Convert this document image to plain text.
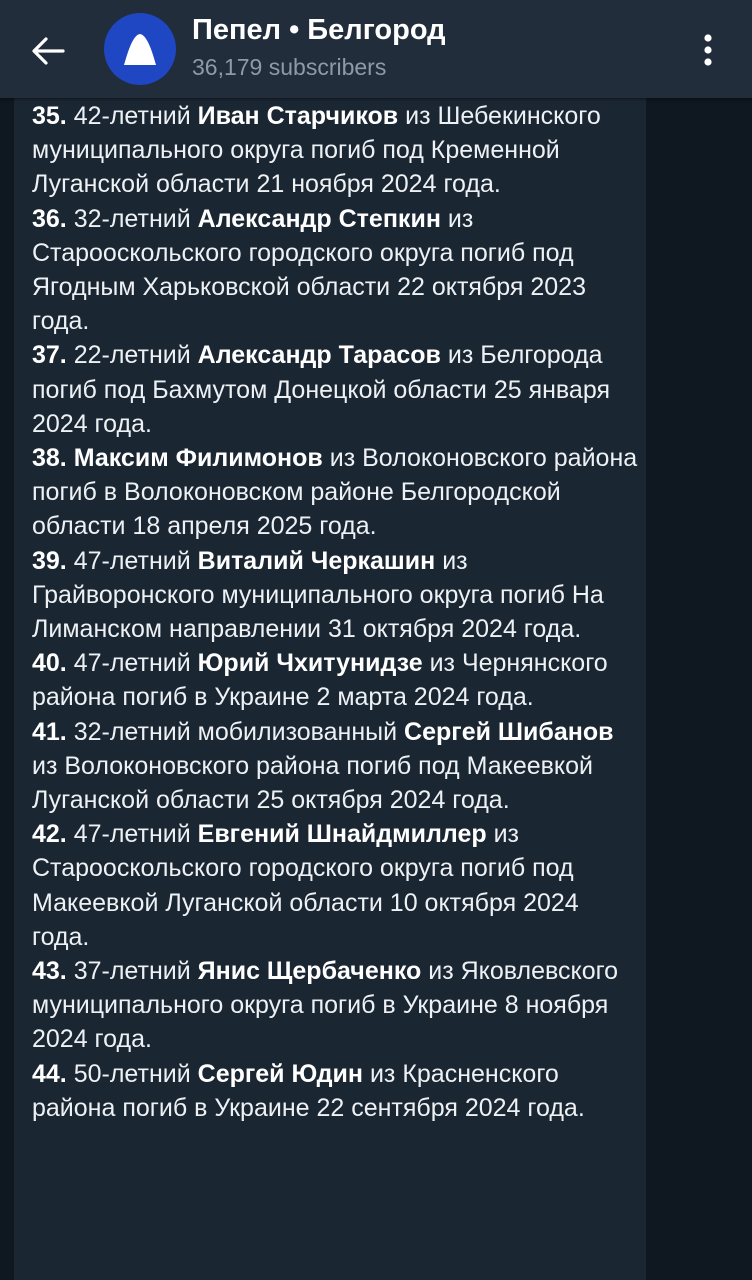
Пепел • Белгород
36,179 subscribers

35. 42-летний Иван Старчиков из Шебекинского муниципального округа погиб под Кременной Луганской области 21 ноября 2024 года.

36. 32-летний Александр Степкин из Старооскольского городского округа погиб под Ягодным Харьковской области 22 октября 2023 года.

37. 22-летний Александр Тарасов из Белгорода погиб под Бахмутом Донецкой области 25 января 2024 года.

38. Максим Филимонов из Волоконовского района погиб в Волоконовском районе Белгородской области 18 апреля 2025 года.

39. 47-летний Виталий Черкашин из Грайворонского муниципального округа погиб На Лиманском направлении 31 октября 2024 года.

40. 47-летний Юрий Чхитунидзе из Чернянского района погиб в Украине 2 марта 2024 года.

41. 32-летний мобилизованный Сергей Шибанов из Волоконовского района погиб под Макеевкой Луганской области 25 октября 2024 года.

42. 47-летний Евгений Шнайдмиллер из Старооскольского городского округа погиб под Макеевкой Луганской области 10 октября 2024 года.

43. 37-летний Янис Щербаченко из Яковлевского муниципального округа погиб в Украине 8 ноября 2024 года.

44. 50-летний Сергей Юдин из Красненского района погиб в Украине 22 сентября 2024 года.
